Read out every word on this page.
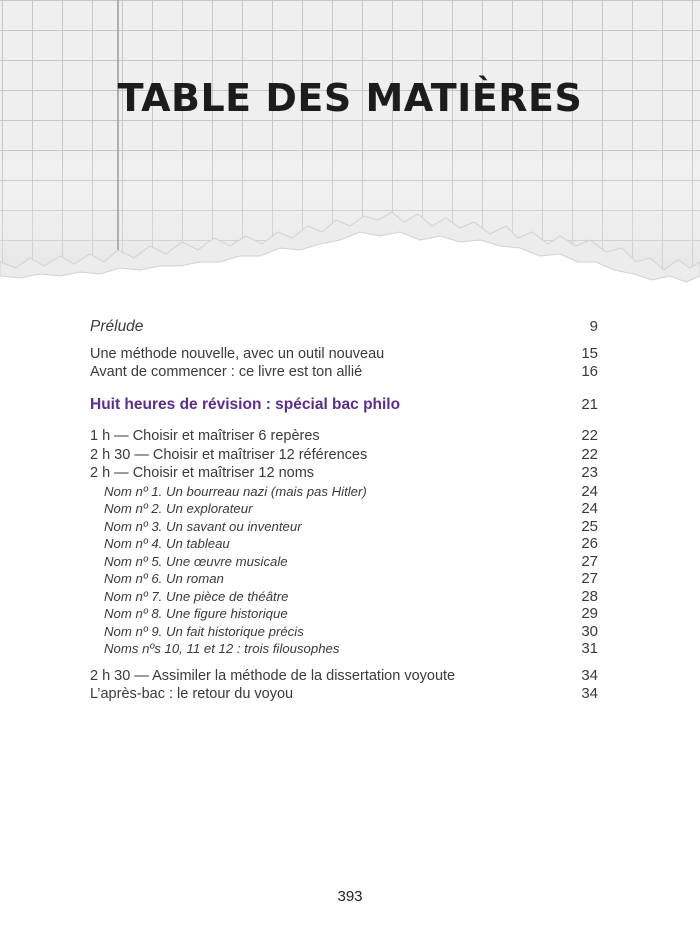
TABLE DES MATIÈRES
Prélude	9
Une méthode nouvelle, avec un outil nouveau	15
Avant de commencer : ce livre est ton allié	16
Huit heures de révision : spécial bac philo	21
1 h — Choisir et maîtriser 6 repères	22
2 h 30 — Choisir et maîtriser 12 références	22
2 h — Choisir et maîtriser 12 noms	23
Nom nº 1. Un bourreau nazi (mais pas Hitler)	24
Nom nº 2. Un explorateur	24
Nom nº 3. Un savant ou inventeur	25
Nom nº 4. Un tableau	26
Nom nº 5. Une œuvre musicale	27
Nom nº 6. Un roman	27
Nom nº 7. Une pièce de théâtre	28
Nom nº 8. Une figure historique	29
Nom nº 9. Un fait historique précis	30
Noms nºs 10, 11 et 12 : trois filousophes	31
2 h 30 — Assimiler la méthode de la dissertation voyoute	34
L’après-bac : le retour du voyou	34
393
